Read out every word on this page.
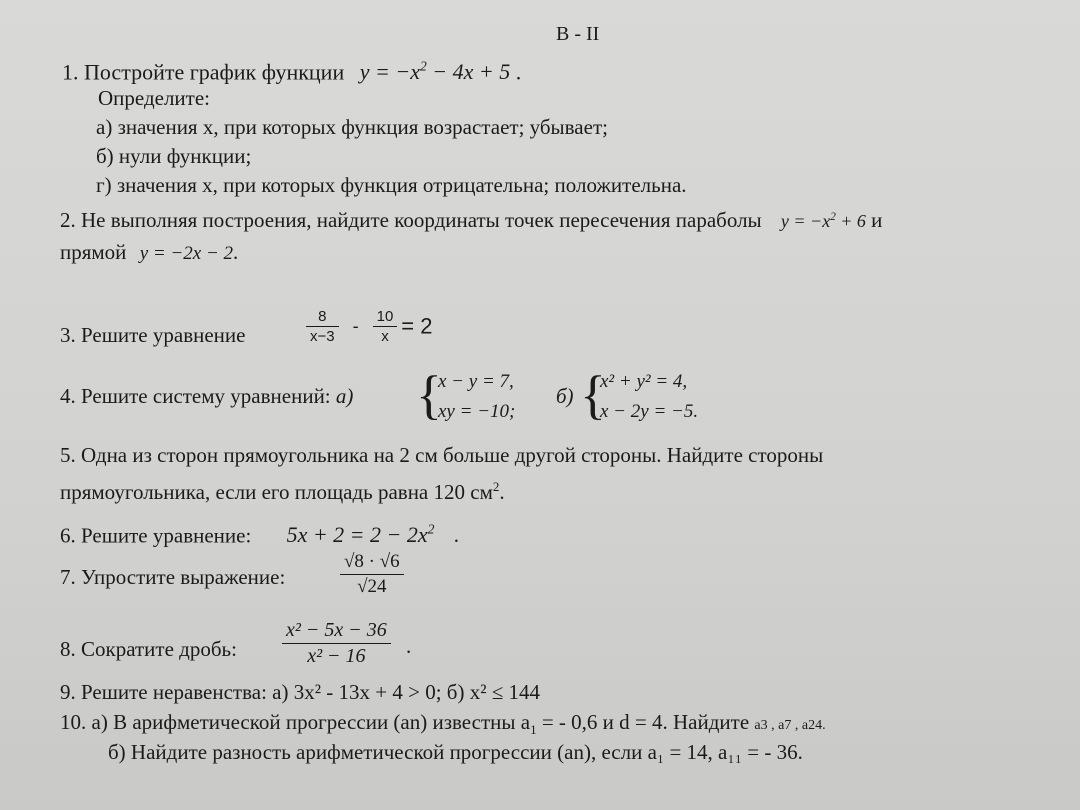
В - II
1. Постройте график функции $y = -x^2 - 4x + 5$ .
Определите:
а) значения x, при которых функция возрастает; убывает;
б) нули функции;
г) значения x, при которых функция отрицательна; положительна.
2. Не выполняя построения, найдите координаты точек пересечения параболы $y = -x^2 + 6$ и
прямой y = −2x − 2.
3. Решите уравнение	$\frac{8}{x-3} - \frac{10}{x} = 2$
4. Решите систему уравнений: а) {
x − y = 7,
xy = −10;
б) {
x² + y² = 4,
x − 2y = −5.
5. Одна из сторон прямоугольника на 2 см больше другой стороны. Найдите стороны
прямоугольника, если его площадь равна 120 $см^2$.
6. Решите уравнение: $5x + 2 = 2 - 2x^2$ .
7. Упростите выражение:
√8 · √6
√24
8. Сократите дробь:
x² − 5x − 36
x² − 16	.
9. Решите неравенства: а) 3x² - 13x + 4 > 0; б) x² ≤ 144
10. а) В арифметической прогрессии (an) известны $a_1$ = - 0,6 и d = 4. Найдите a3 , a7 , a24.
б) Найдите разность арифметической прогрессии (an), если a₁ = 14, a₁₁ = - 36.
